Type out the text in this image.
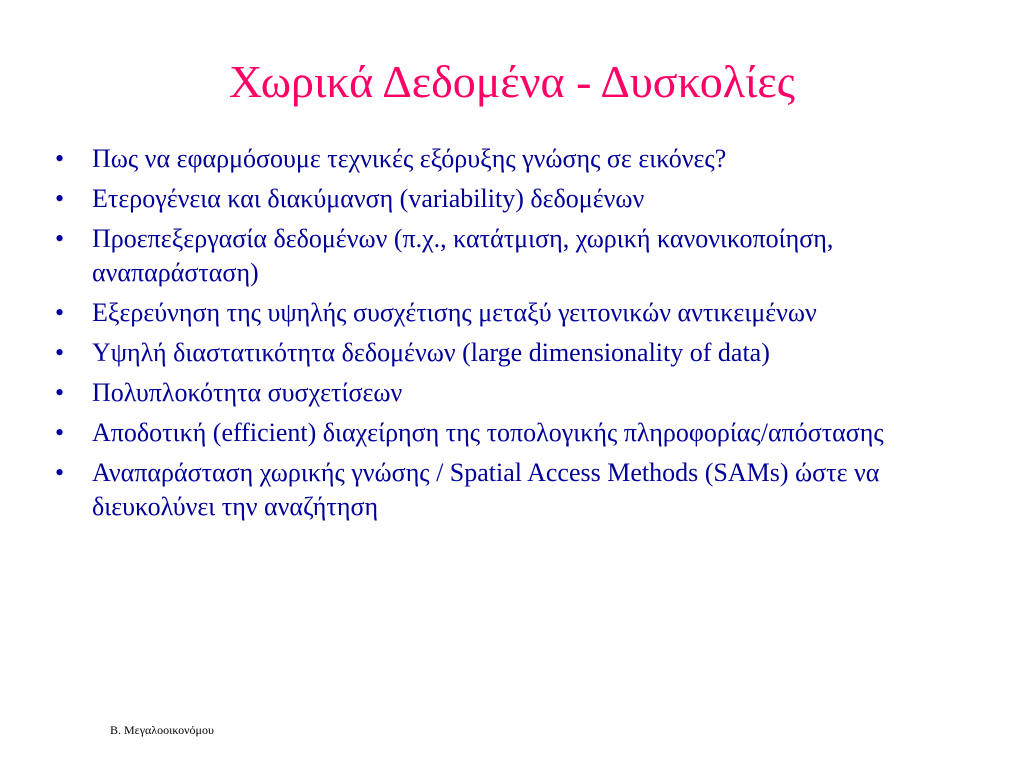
Χωρικά Δεδομένα - Δυσκολίες
• Πως να εφαρμόσουμε τεχνικές εξόρυξης γνώσης σε εικόνες?
• Ετερογένεια και διακύμανση (variability) δεδομένων
• Προεπεξεργασία δεδομένων (π.χ., κατάτμιση, χωρική κανονικοποίηση, αναπαράσταση)
• Εξερεύνηση της υψηλής συσχέτισης μεταξύ γειτονικών αντικειμένων
• Υψηλή διαστατικότητα δεδομένων (large dimensionality of data)
• Πολυπλοκότητα συσχετίσεων
• Αποδοτική (efficient) διαχείρηση της τοπολογικής πληροφορίας/απόστασης
• Αναπαράσταση χωρικής γνώσης / Spatial Access Methods (SAMs) ώστε να διευκολύνει την αναζήτηση
Β. Μεγαλοοικονόμου
